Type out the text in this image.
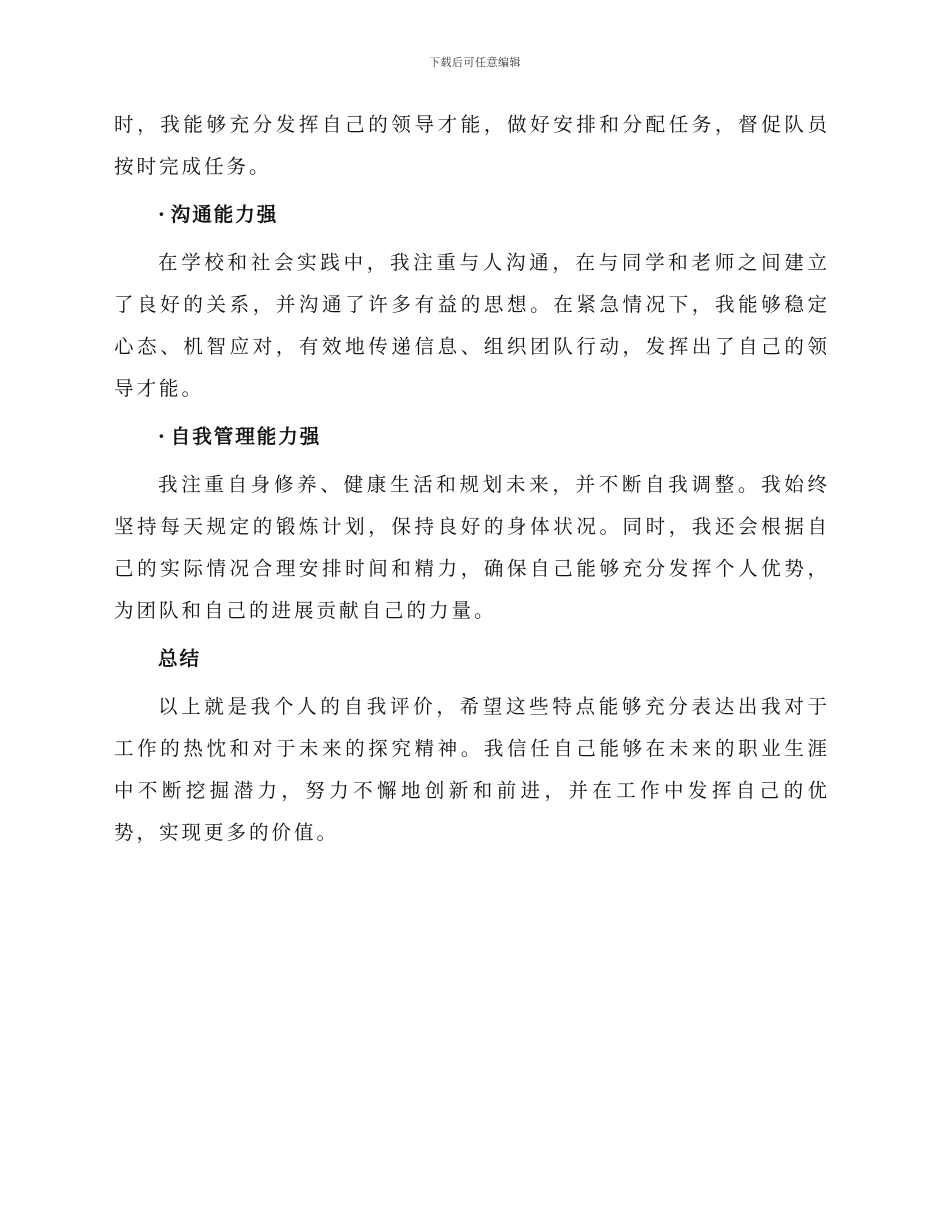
下载后可任意编辑

时，我能够充分发挥自己的领导才能，做好安排和分配任务，督促队员按时完成任务。

· 沟通能力强

在学校和社会实践中，我注重与人沟通，在与同学和老师之间建立了良好的关系，并沟通了许多有益的思想。在紧急情况下，我能够稳定心态、机智应对，有效地传递信息、组织团队行动，发挥出了自己的领导才能。

· 自我管理能力强

我注重自身修养、健康生活和规划未来，并不断自我调整。我始终坚持每天规定的锻炼计划，保持良好的身体状况。同时，我还会根据自己的实际情况合理安排时间和精力，确保自己能够充分发挥个人优势，为团队和自己的进展贡献自己的力量。

总结

以上就是我个人的自我评价，希望这些特点能够充分表达出我对于工作的热忱和对于未来的探究精神。我信任自己能够在未来的职业生涯中不断挖掘潜力，努力不懈地创新和前进，并在工作中发挥自己的优势，实现更多的价值。
